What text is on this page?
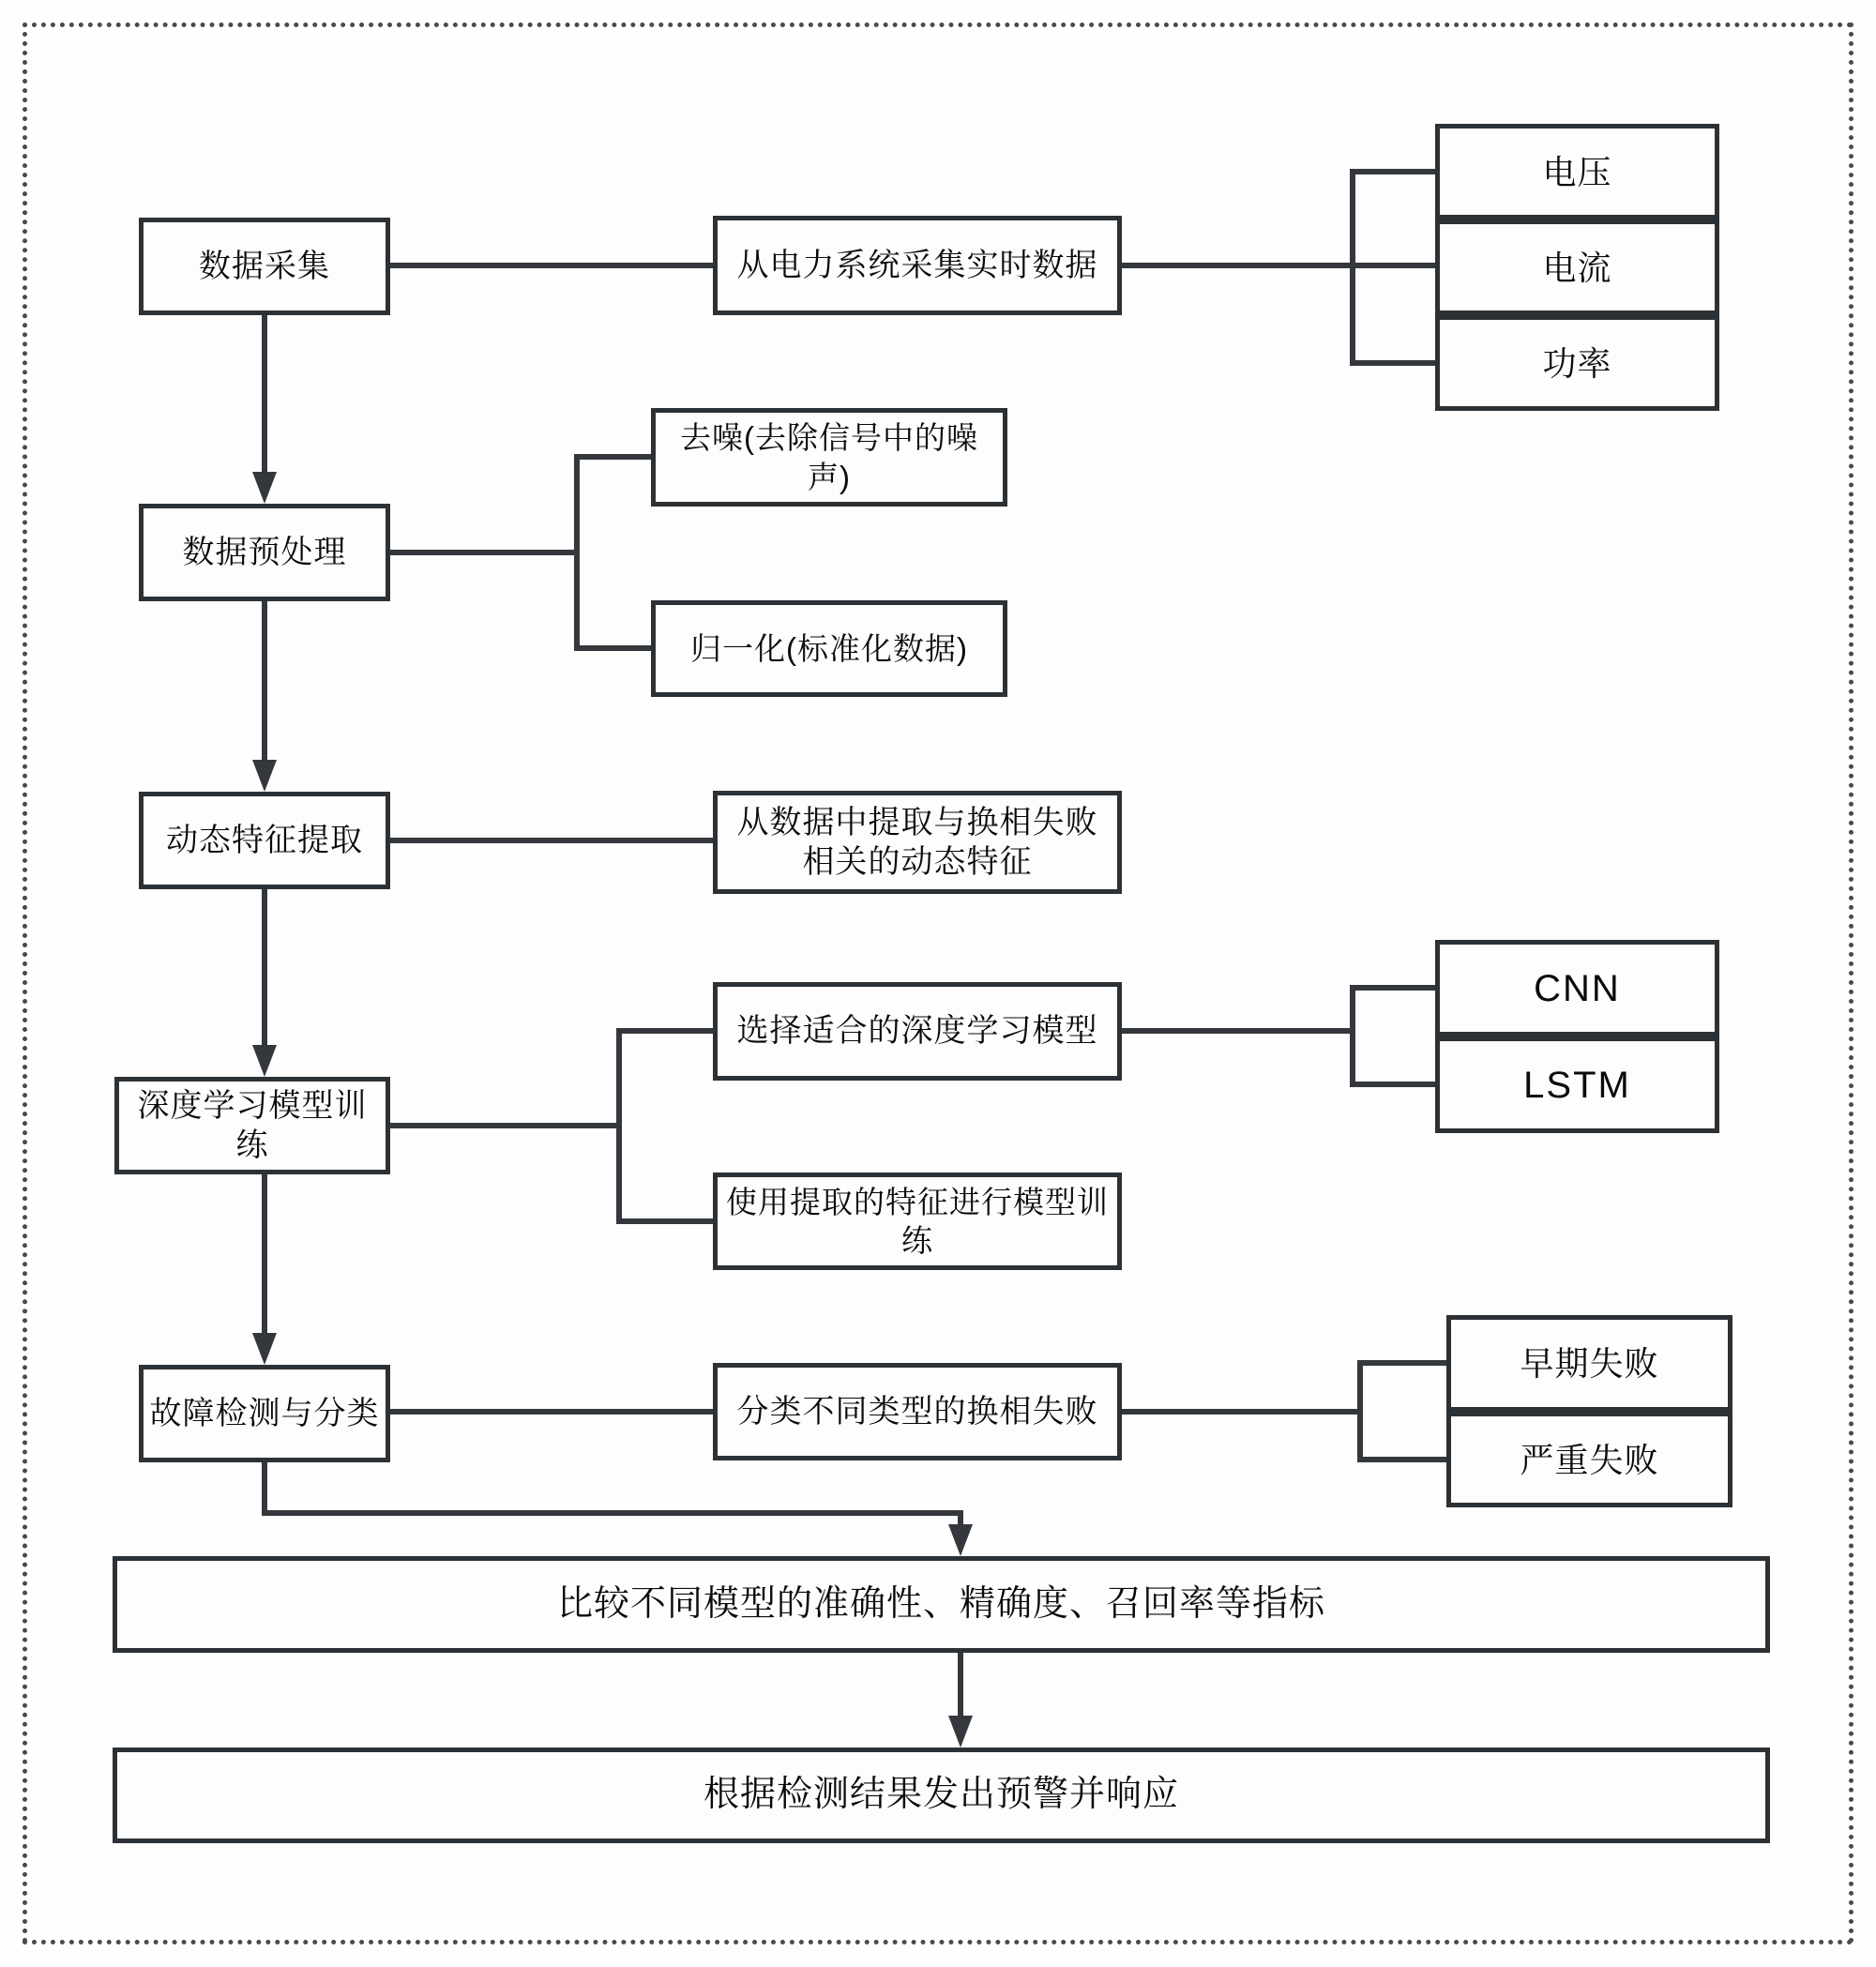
数据采集
数据预处理
动态特征提取
深度学习模型训练
故障检测与分类
从电力系统采集实时数据
电压
电流
功率
去噪(去除信号中的噪声)
归一化(标准化数据)
从数据中提取与换相失败
相关的动态特征
选择适合的深度学习模型
使用提取的特征进行模型训练
CNN
LSTM
分类不同类型的换相失败
早期失败
严重失败
比较不同模型的准确性、精确度、召回率等指标
根据检测结果发出预警并响应
